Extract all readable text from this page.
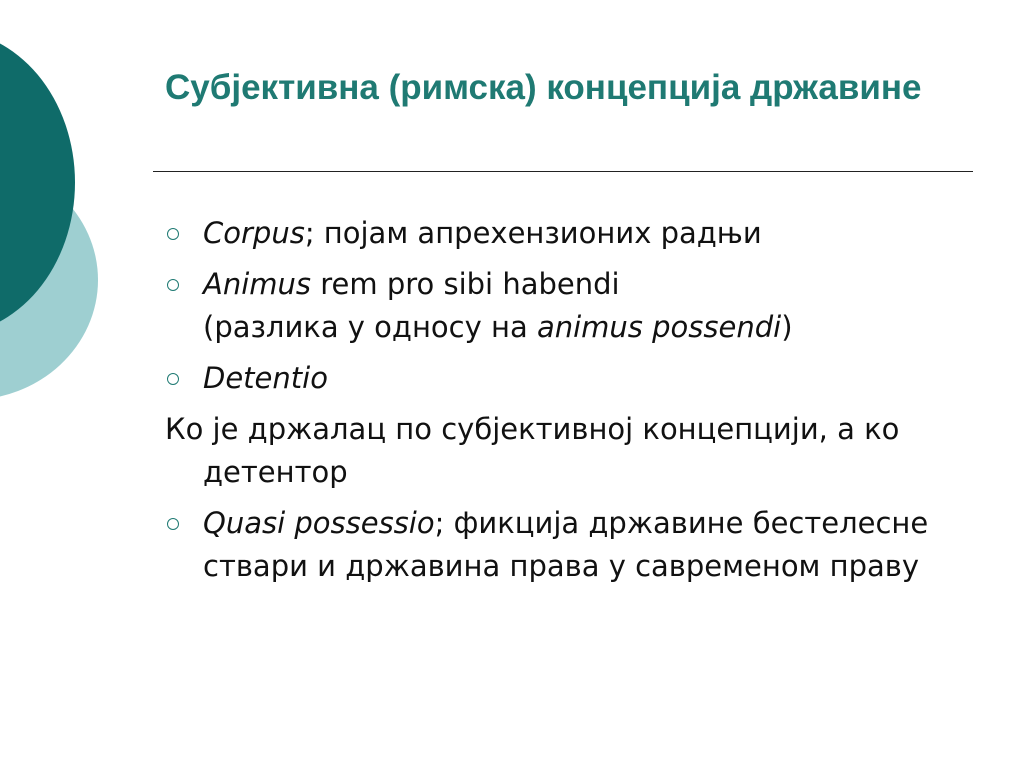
Субјективна (римска) концепција државине
Corpus; појам апрехензионих радњи
Animus rem pro sibi habendi
(разлика у односу на animus possendi)
Detentio
Ко је држалац по субјективној концепцији, а ко детентор
Quasi possessio; фикција државине бестелесне ствари и државина права у савременом праву
